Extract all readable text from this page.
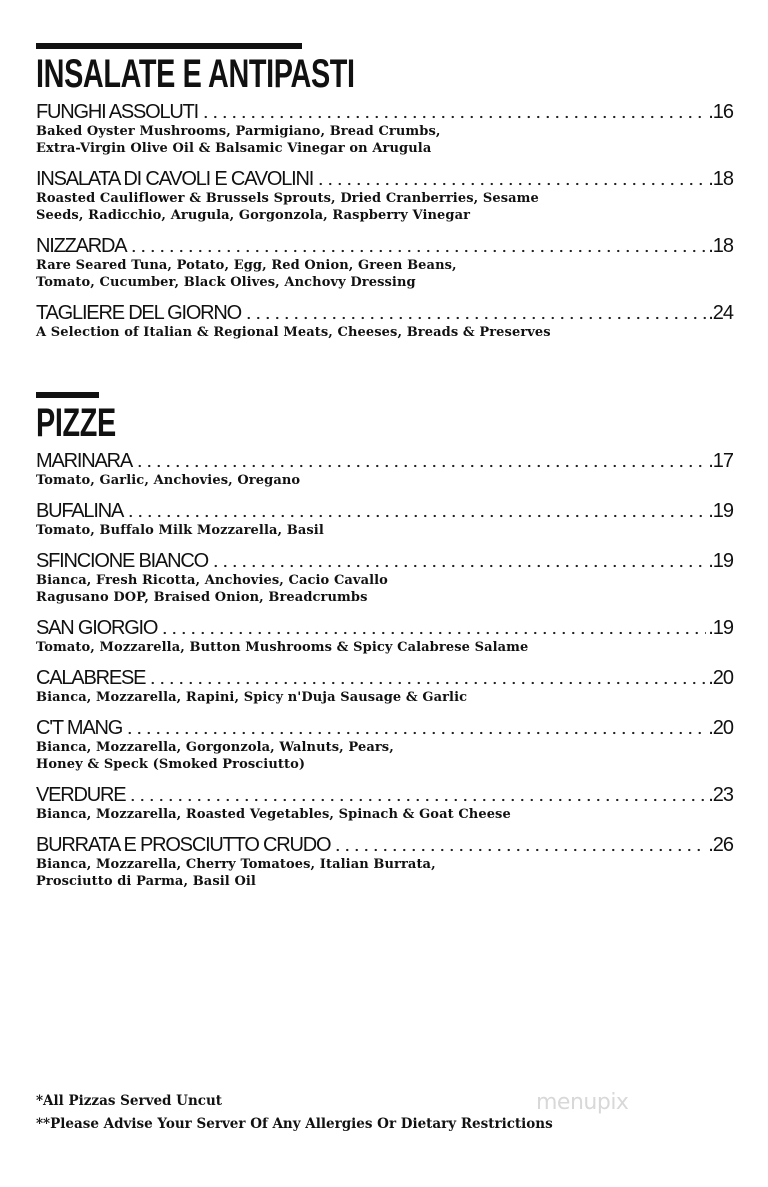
INSALATE E ANTIPASTI
FUNGHI ASSOLUTI	.16
Baked Oyster Mushrooms, Parmigiano, Bread Crumbs,
Extra-Virgin Olive Oil & Balsamic Vinegar on Arugula
INSALATA DI CAVOLI E CAVOLINI	.18
Roasted Cauliflower & Brussels Sprouts, Dried Cranberries, Sesame
Seeds, Radicchio, Arugula, Gorgonzola, Raspberry Vinegar
NIZZARDA	.18
Rare Seared Tuna, Potato, Egg, Red Onion, Green Beans,
Tomato, Cucumber, Black Olives, Anchovy Dressing
TAGLIERE DEL GIORNO	.24
A Selection of Italian & Regional Meats, Cheeses, Breads & Preserves
PIZZE
MARINARA	.17
Tomato, Garlic, Anchovies, Oregano
BUFALINA	.19
Tomato, Buffalo Milk Mozzarella, Basil
SFINCIONE BIANCO	.19
Bianca, Fresh Ricotta, Anchovies, Cacio Cavallo
Ragusano DOP, Braised Onion, Breadcrumbs
SAN GIORGIO	.19
Tomato, Mozzarella, Button Mushrooms & Spicy Calabrese Salame
CALABRESE	.20
Bianca, Mozzarella, Rapini, Spicy n'Duja Sausage & Garlic
C'T MANG	.20
Bianca, Mozzarella, Gorgonzola, Walnuts, Pears,
Honey & Speck (Smoked Prosciutto)
VERDURE	.23
Bianca, Mozzarella, Roasted Vegetables, Spinach & Goat Cheese
BURRATA E PROSCIUTTO CRUDO	.26
Bianca, Mozzarella, Cherry Tomatoes, Italian Burrata,
Prosciutto di Parma, Basil Oil
*All Pizzas Served Uncut
**Please Advise Your Server Of Any Allergies Or Dietary Restrictions
menupix
